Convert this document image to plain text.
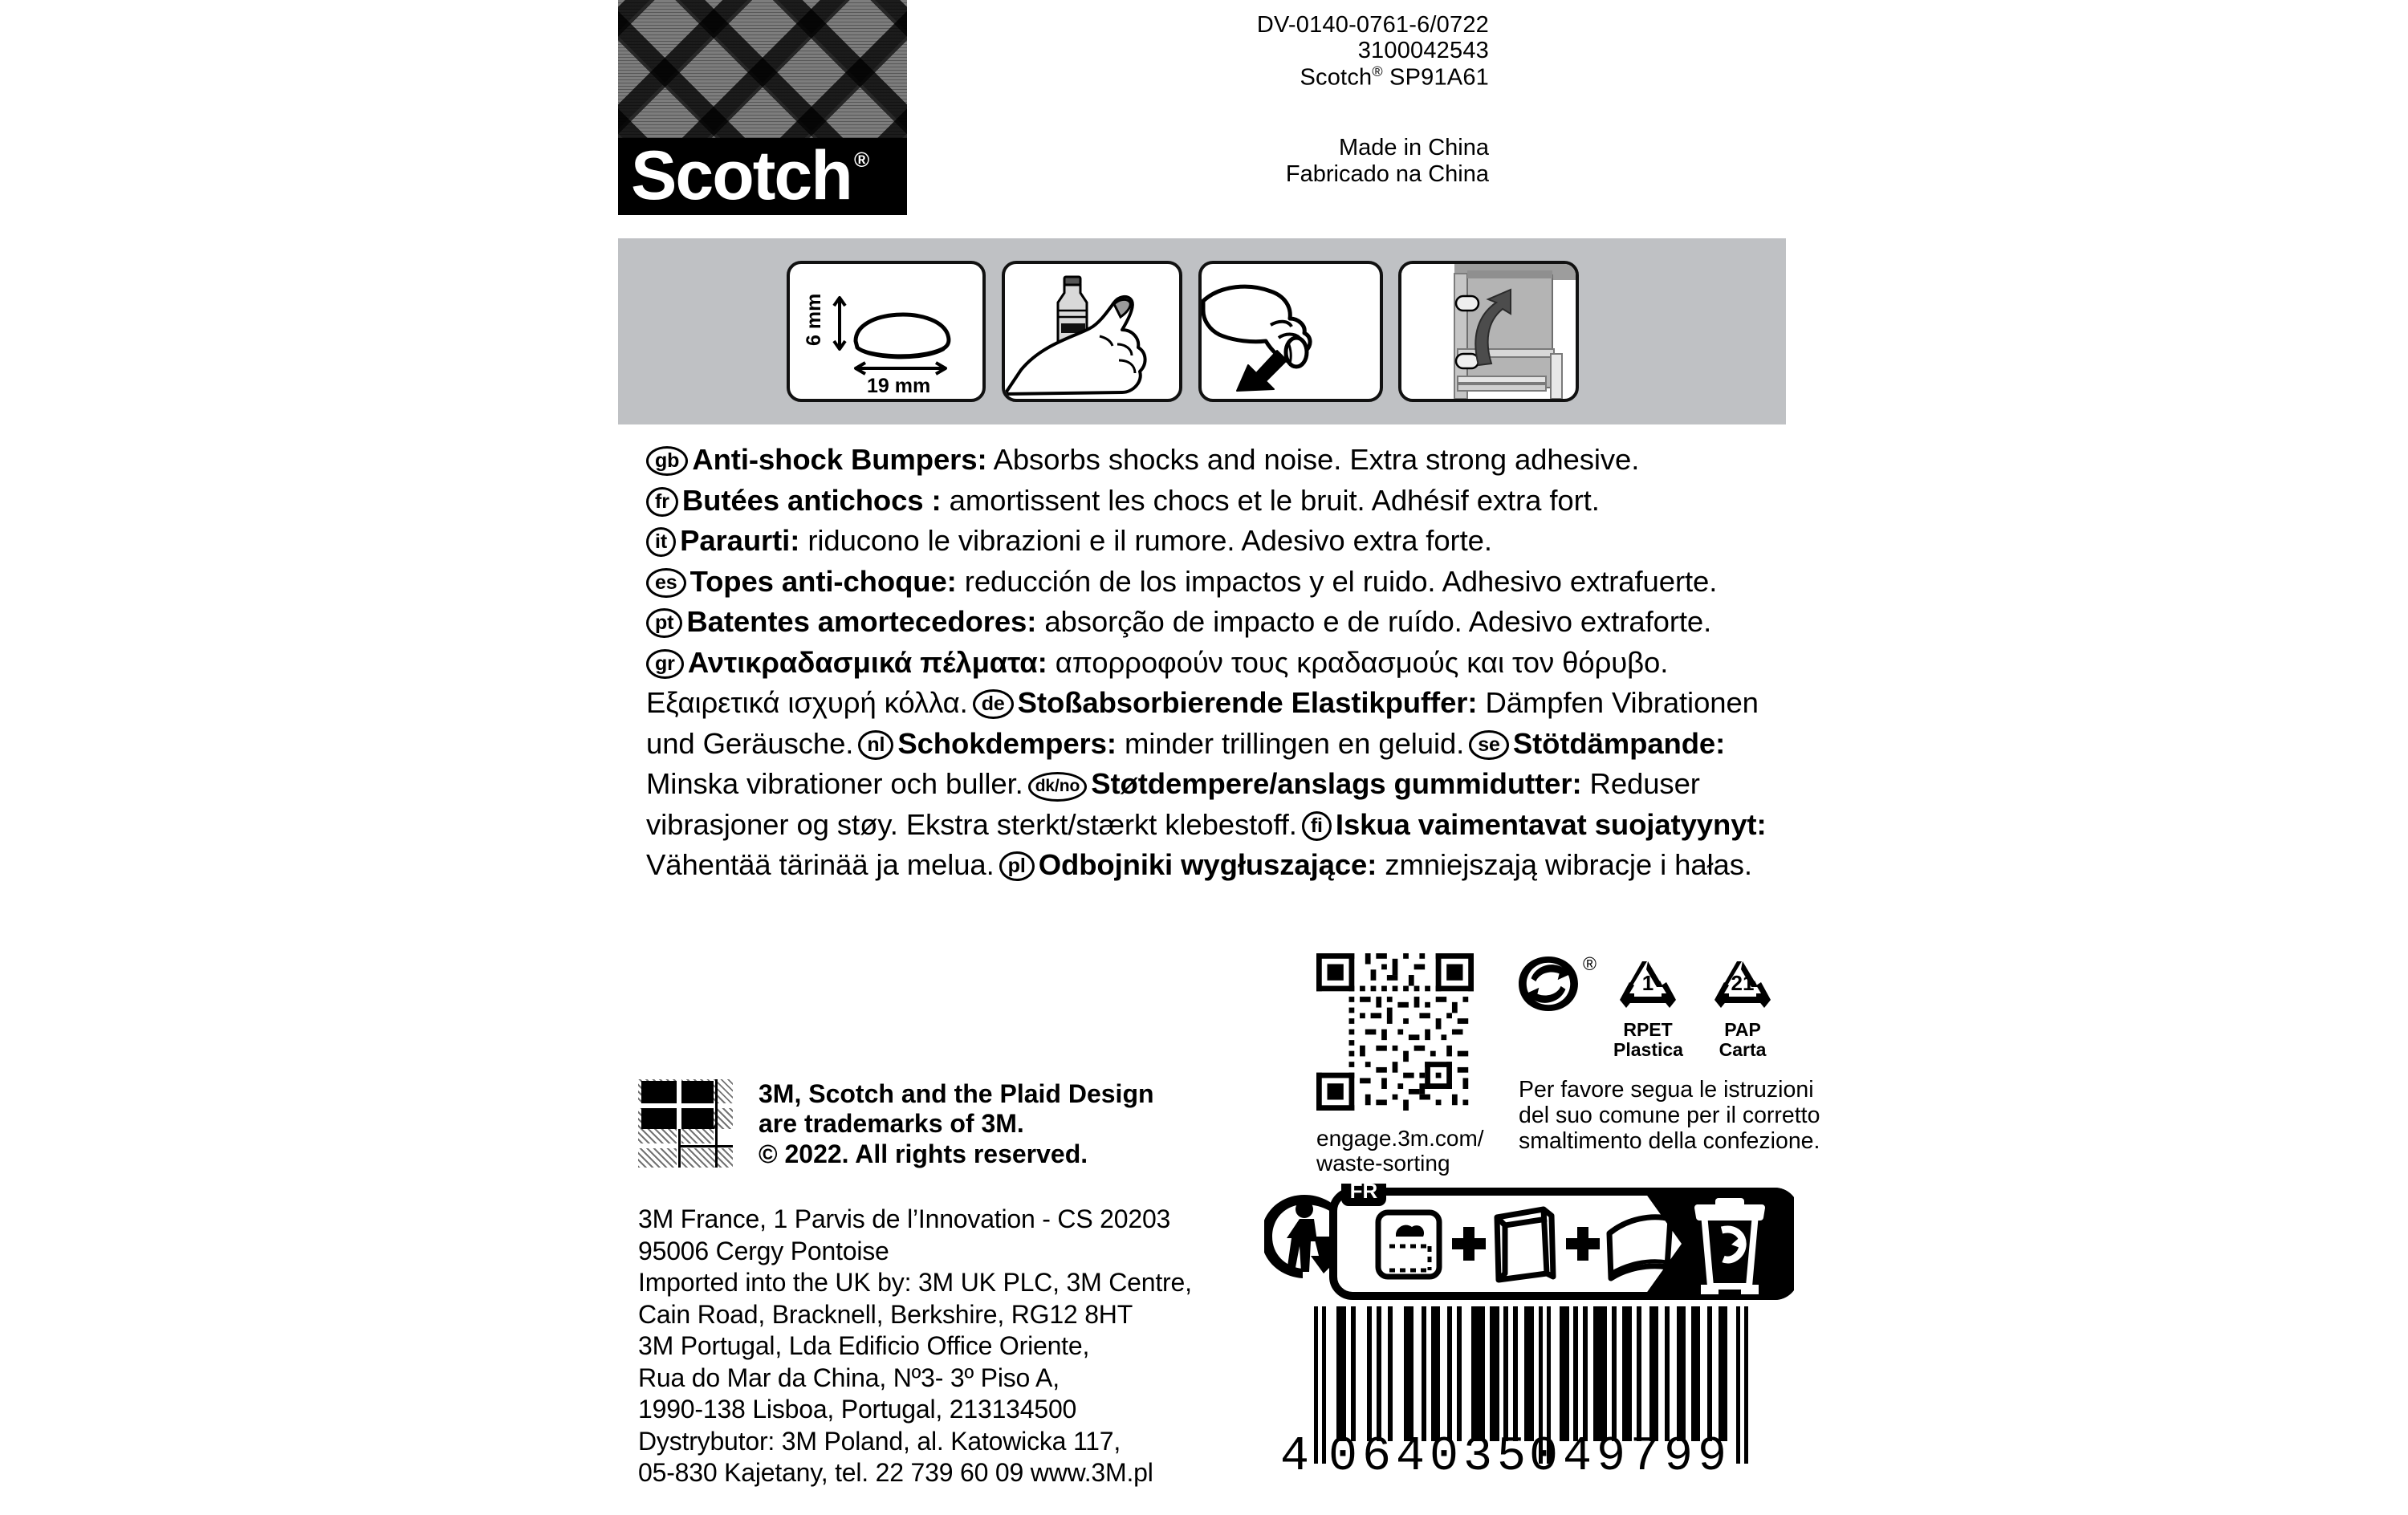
Scotch ®
DV-0140-0761-6/0722
3100042543
Scotch® SP91A61
Made in China
Fabricado na China
6 mm
19 mm

gb Anti-shock Bumpers: Absorbs shocks and noise. Extra strong adhesive.

fr Butées antichocs : amortissent les chocs et le bruit. Adhésif extra fort.

it Paraurti: riducono le vibrazioni e il rumore. Adesivo extra forte.

es Topes anti-choque: reducción de los impactos y el ruido. Adhesivo extrafuerte.

pt Batentes amortecedores: absorção de impacto e de ruído. Adesivo extraforte.

gr Αντικραδασμικά πέλματα: απορροφούν τους κραδασμούς και τον θόρυβο. Εξαιρετικά ισχυρή κόλλα. de Stoßabsorbierende Elastikpuffer: Dämpfen Vibrationen und Geräusche. nl Schokdempers: minder trillingen en geluid. se Stötdämpande: Minska vibrationer och buller. dk/no Støtdempere/anslags gummidutter: Reduser vibrasjoner og støy. Ekstra sterkt/stærkt klebestoff. fi Iskua vaimentavat suojatyynyt: Vähentää tärinää ja melua. pl Odbojniki wygłuszające: zmniejszają wibracje i hałas.

engage.3m.com/
waste-sorting
®
1
RPET
Plastica
21
PAP
Carta
Per favore segua le istruzioni
del suo comune per il corretto
smaltimento della confezione.
TM
3M, Scotch and the Plaid Design
are trademarks of 3M.
© 2022. All rights reserved.
3M France, 1 Parvis de l’Innovation - CS 20203
95006 Cergy Pontoise
Imported into the UK by: 3M UK PLC, 3M Centre,
Cain Road, Bracknell, Berkshire, RG12 8HT
3M Portugal, Lda Edificio Office Oriente,
Rua do Mar da China, Nº3- 3º Piso A,
1990-138 Lisboa, Portugal, 213134500
Dystrybutor: 3M Poland, al. Katowicka 117,
05-830 Kajetany, tel. 22 739 60 09 www.3M.pl
FR
4 064035
049799
